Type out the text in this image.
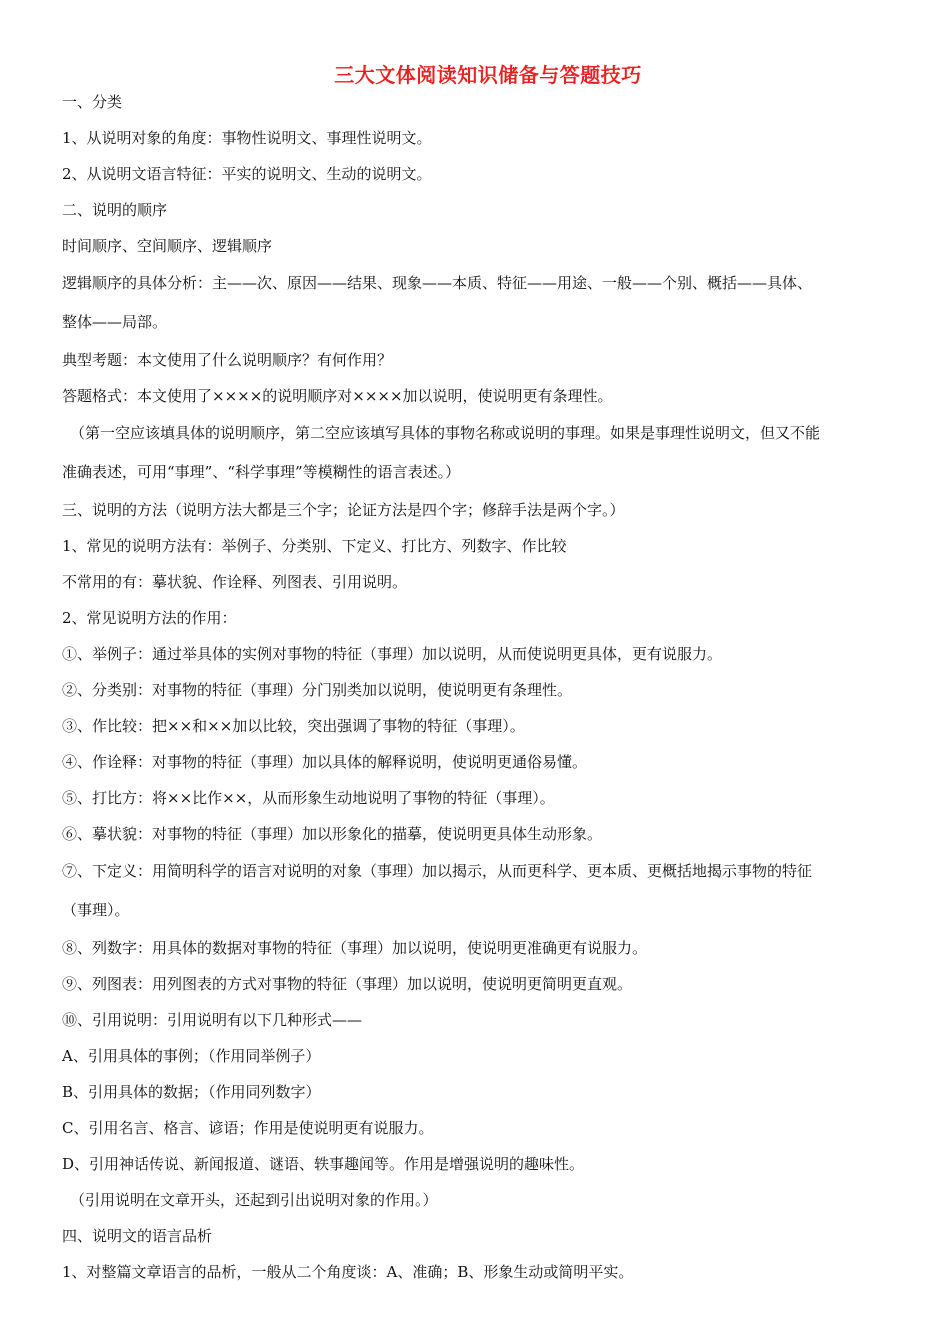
三大文体阅读知识储备与答题技巧
一、分类
1、从说明对象的角度：事物性说明文、事理性说明文。
2、从说明文语言特征：平实的说明文、生动的说明文。
二、说明的顺序
时间顺序、空间顺序、逻辑顺序
逻辑顺序的具体分析：主——次、原因——结果、现象——本质、特征——用途、一般——个别、概括——具体、
整体——局部。
典型考题：本文使用了什么说明顺序？有何作用？
答题格式：本文使用了××××的说明顺序对××××加以说明，使说明更有条理性。
（第一空应该填具体的说明顺序，第二空应该填写具体的事物名称或说明的事理。如果是事理性说明文，但又不能
准确表述，可用“事理”、“科学事理”等模糊性的语言表述。）
三、说明的方法（说明方法大都是三个字；论证方法是四个字；修辞手法是两个字。）
1、常见的说明方法有：举例子、分类别、下定义、打比方、列数字、作比较
不常用的有：摹状貌、作诠释、列图表、引用说明。
2、常见说明方法的作用：
①、举例子：通过举具体的实例对事物的特征（事理）加以说明，从而使说明更具体，更有说服力。
②、分类别：对事物的特征（事理）分门别类加以说明，使说明更有条理性。
③、作比较：把××和××加以比较，突出强调了事物的特征（事理）。
④、作诠释：对事物的特征（事理）加以具体的解释说明，使说明更通俗易懂。
⑤、打比方：将××比作××，从而形象生动地说明了事物的特征（事理）。
⑥、摹状貌：对事物的特征（事理）加以形象化的描摹，使说明更具体生动形象。
⑦、下定义：用简明科学的语言对说明的对象（事理）加以揭示，从而更科学、更本质、更概括地揭示事物的特征
（事理）。
⑧、列数字：用具体的数据对事物的特征（事理）加以说明，使说明更准确更有说服力。
⑨、列图表：用列图表的方式对事物的特征（事理）加以说明，使说明更简明更直观。
⑩、引用说明：引用说明有以下几种形式——
A、引用具体的事例；（作用同举例子）
B、引用具体的数据；（作用同列数字）
C、引用名言、格言、谚语；作用是使说明更有说服力。
D、引用神话传说、新闻报道、谜语、轶事趣闻等。作用是增强说明的趣味性。
（引用说明在文章开头，还起到引出说明对象的作用。）
四、说明文的语言品析
1、对整篇文章语言的品析，一般从二个角度谈：A、准确；B、形象生动或简明平实。
